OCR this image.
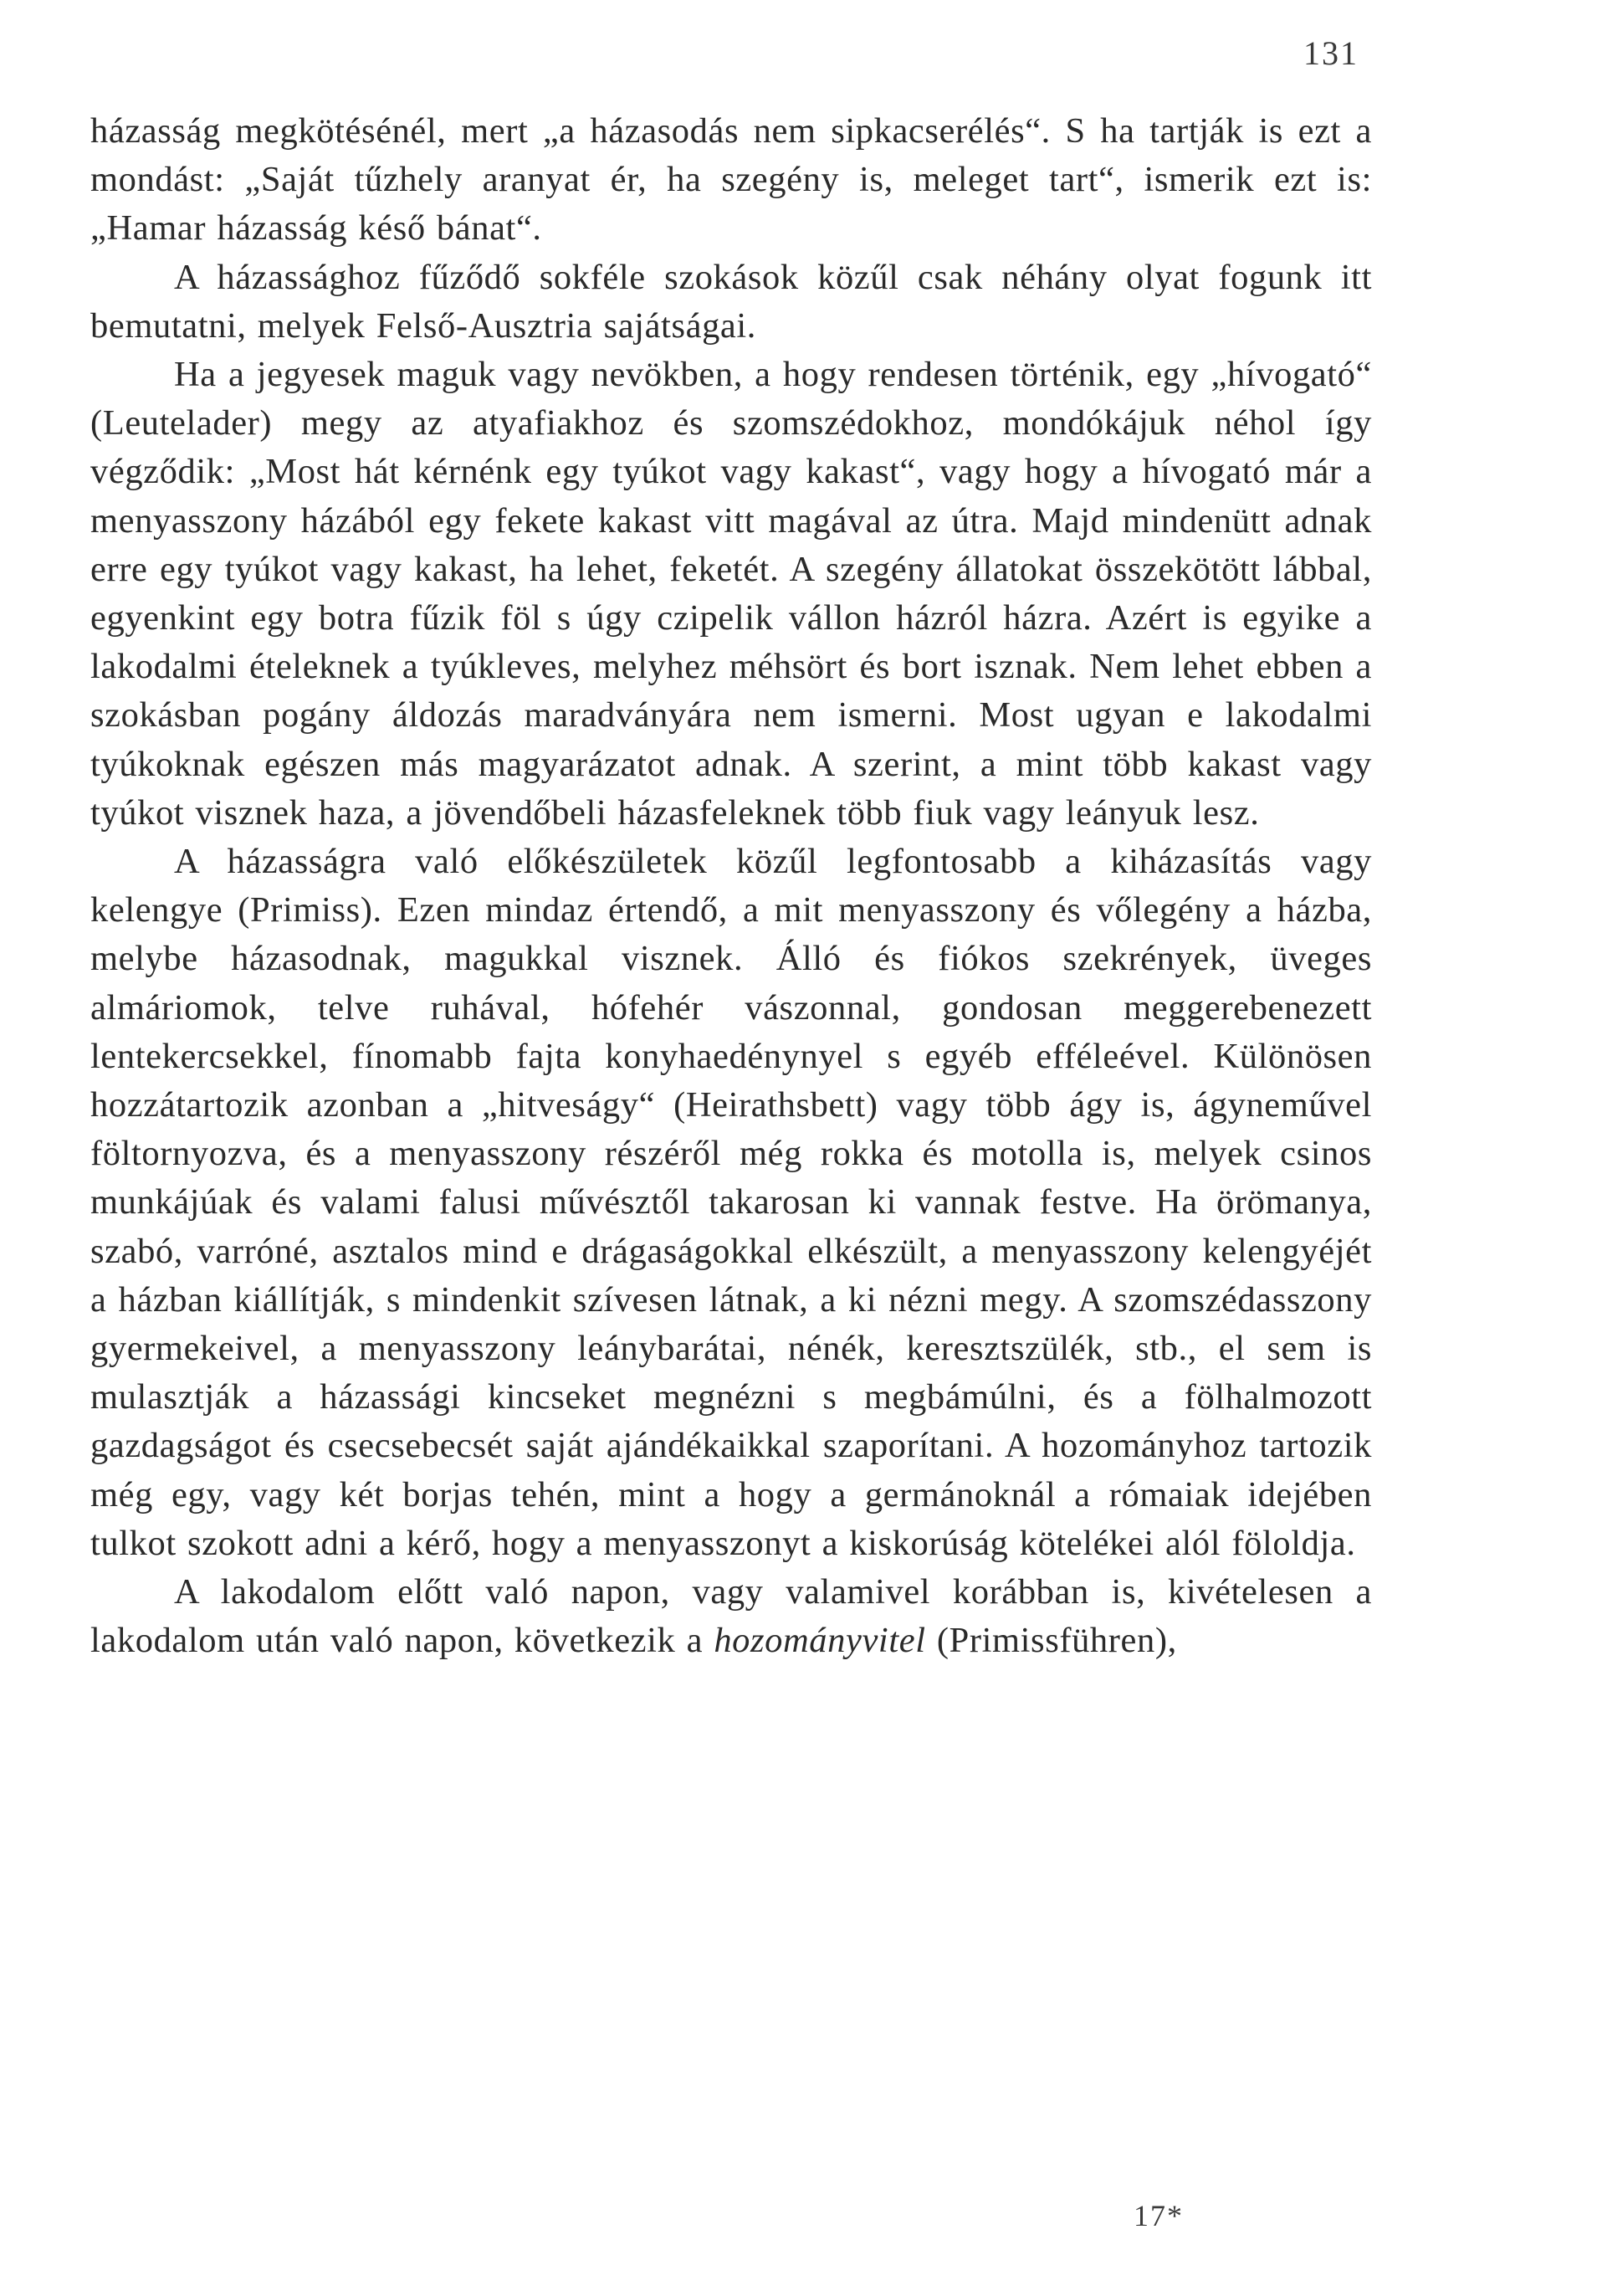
131

házasság megkötésénél, mert „a házasodás nem sipkacserélés“. S ha tartják is ezt a mondást: „Saját tűzhely aranyat ér, ha szegény is, meleget tart“, ismerik ezt is: „Hamar házasság késő bánat“.

A házassághoz fűződő sokféle szokások közűl csak néhány olyat fogunk itt bemutatni, melyek Felső-Ausztria sajátságai.

Ha a jegyesek maguk vagy nevökben, a hogy rendesen történik, egy „hívogató“ (Leutelader) megy az atyafiakhoz és szomszédokhoz, mondókájuk néhol így végződik: „Most hát kérnénk egy tyúkot vagy kakast“, vagy hogy a hívogató már a menyasszony házából egy fekete kakast vitt magával az útra. Majd mindenütt adnak erre egy tyúkot vagy kakast, ha lehet, feketét. A szegény állatokat összekötött lábbal, egyenkint egy botra fűzik föl s úgy czipelik vállon házról házra. Azért is egyike a lakodalmi ételeknek a tyúkleves, melyhez méhsört és bort isznak. Nem lehet ebben a szokásban pogány áldozás maradványára nem ismerni. Most ugyan e lakodalmi tyúkoknak egészen más magyarázatot adnak. A szerint, a mint több kakast vagy tyúkot visznek haza, a jövendőbeli házasfeleknek több fiuk vagy leányuk lesz.

A házasságra való előkészületek közűl legfontosabb a kiházasítás vagy kelengye (Primiss). Ezen mindaz értendő, a mit menyasszony és vőlegény a házba, melybe házasodnak, magukkal visznek. Álló és fiókos szekrények, üveges almáriomok, telve ruhával, hófehér vászonnal, gondosan meggerebenezett lentekercsekkel, fínomabb fajta konyhaedénynyel s egyéb efféleével. Különösen hozzátartozik azonban a „hitveságy“ (Heirathsbett) vagy több ágy is, ágyneművel föltornyozva, és a menyasszony részéről még rokka és motolla is, melyek csinos munkájúak és valami falusi művésztől takarosan ki vannak festve. Ha örömanya, szabó, varróné, asztalos mind e drágaságokkal elkészült, a menyasszony kelengyéjét a házban kiállítják, s mindenkit szívesen látnak, a ki nézni megy. A szomszédasszony gyermekeivel, a menyasszony leánybarátai, nénék, keresztszülék, stb., el sem is mulasztják a házassági kincseket megnézni s megbámúlni, és a fölhalmozott gazdagságot és csecsebecsét saját ajándékaikkal szaporítani. A hozományhoz tartozik még egy, vagy két borjas tehén, mint a hogy a germánoknál a rómaiak idejében tulkot szokott adni a kérő, hogy a menyasszonyt a kiskorúság kötelékei alól föloldja.

A lakodalom előtt való napon, vagy valamivel korábban is, kivételesen a lakodalom után való napon, következik a hozományvitel (Primissführen),

17*
